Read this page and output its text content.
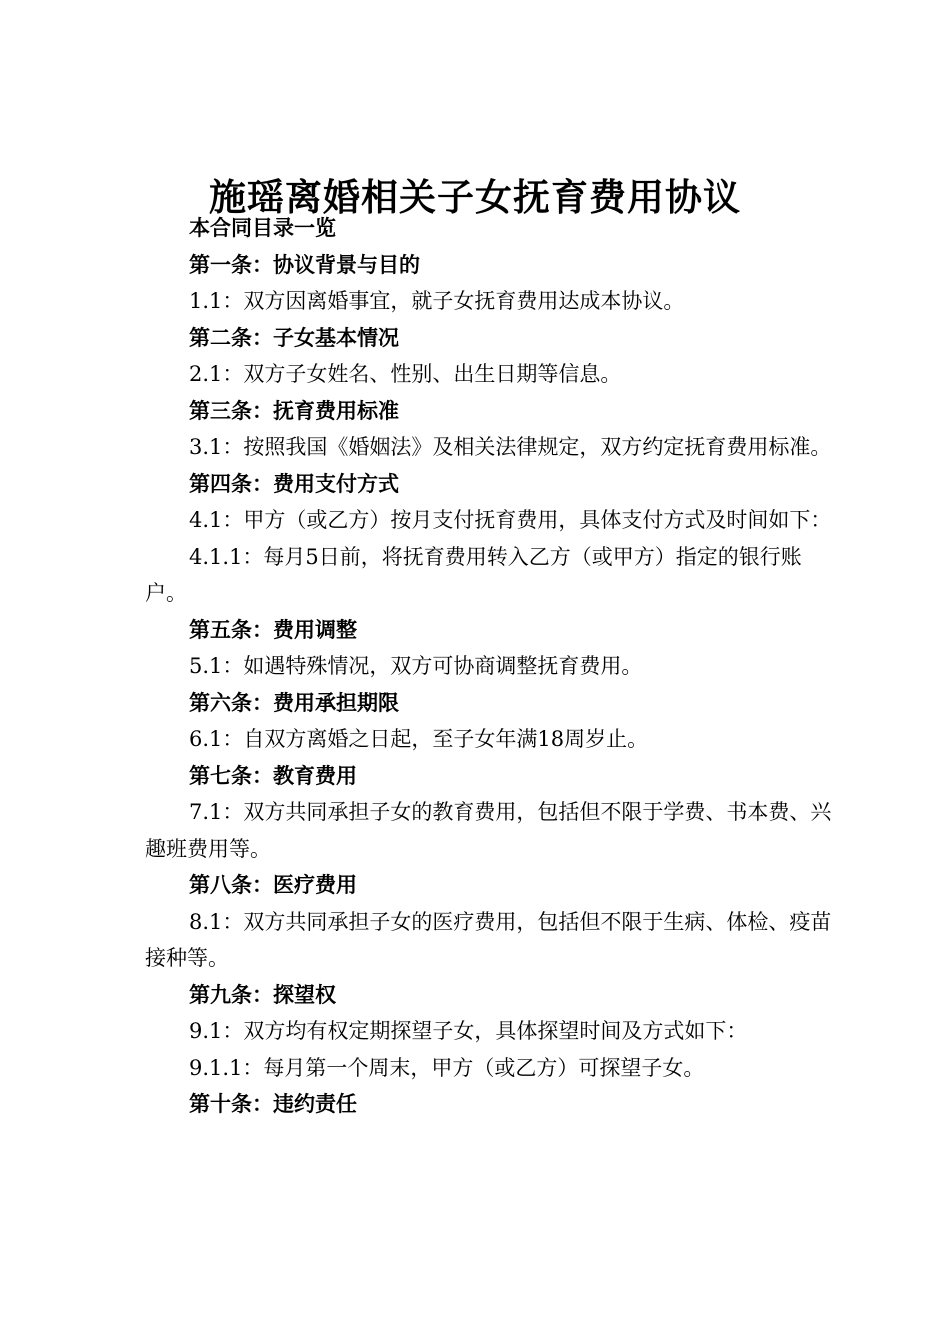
施瑶离婚相关子女抚育费用协议

本合同目录一览

第一条：协议背景与目的

1.1：双方因离婚事宜，就子女抚育费用达成本协议。

第二条：子女基本情况

2.1：双方子女姓名、性别、出生日期等信息。

第三条：抚育费用标准

3.1：按照我国《婚姻法》及相关法律规定，双方约定抚育费用标准。

第四条：费用支付方式

4.1：甲方（或乙方）按月支付抚育费用，具体支付方式及时间如下：

4.1.1：每月5日前，将抚育费用转入乙方（或甲方）指定的银行账户。

第五条：费用调整

5.1：如遇特殊情况，双方可协商调整抚育费用。

第六条：费用承担期限

6.1：自双方离婚之日起，至子女年满18周岁止。

第七条：教育费用

7.1：双方共同承担子女的教育费用，包括但不限于学费、书本费、兴趣班费用等。

第八条：医疗费用

8.1：双方共同承担子女的医疗费用，包括但不限于生病、体检、疫苗接种等。

第九条：探望权

9.1：双方均有权定期探望子女，具体探望时间及方式如下：

9.1.1：每月第一个周末，甲方（或乙方）可探望子女。

第十条：违约责任
